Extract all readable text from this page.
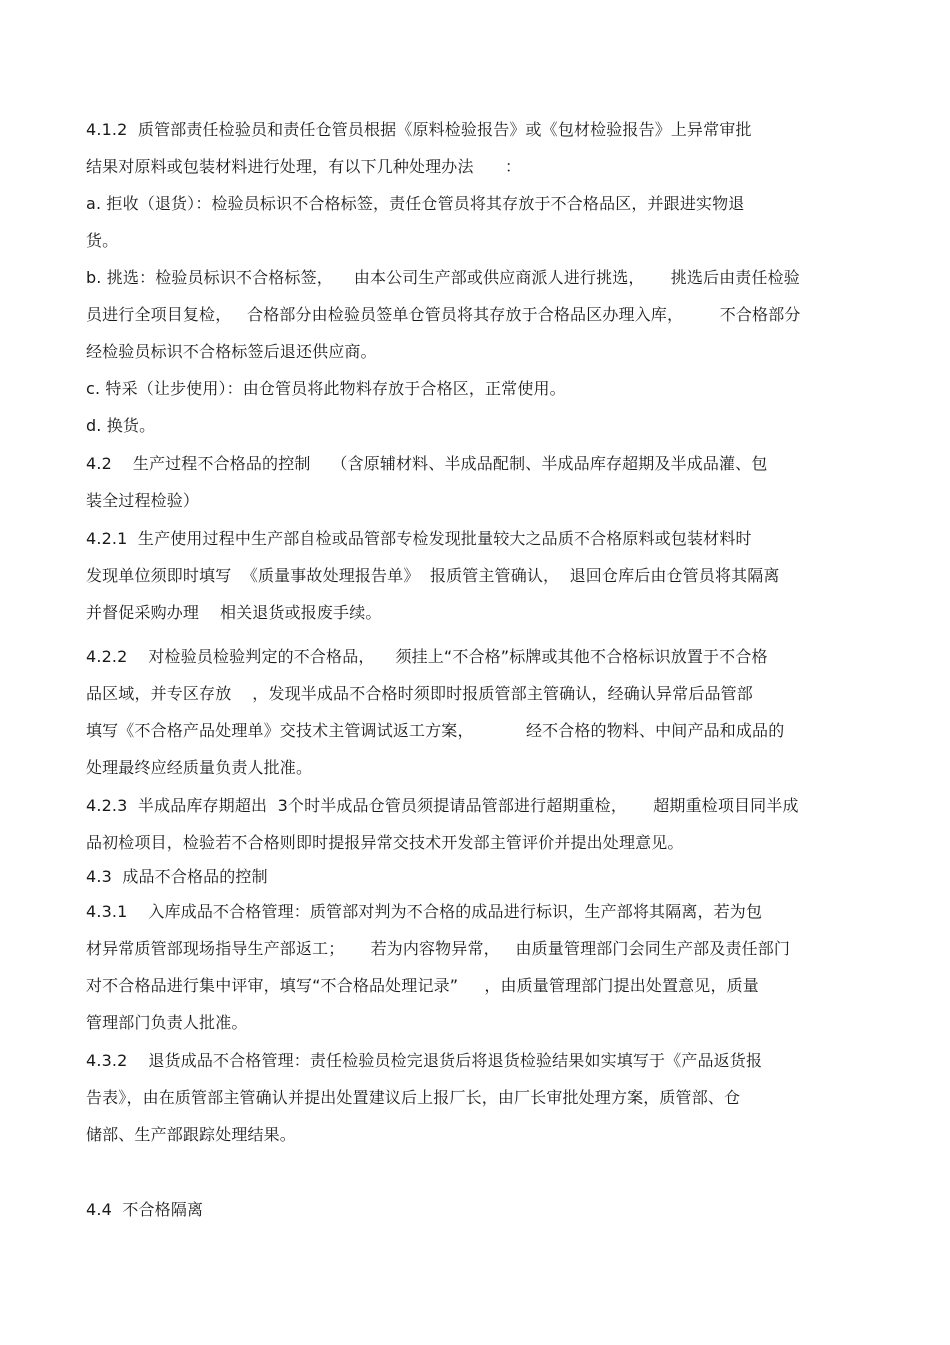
4.1.2  质管部责任检验员和责任仓管员根据《原料检验报告》或《包材检验报告》上异常审批
结果对原料或包装材料进行处理，有以下几种处理办法      ：
a. 拒收（退货）：检验员标识不合格标签，责任仓管员将其存放于不合格品区，并跟进实物退
货。
b. 挑选：检验员标识不合格标签，    由本公司生产部或供应商派人进行挑选，     挑选后由责任检验
员进行全项目复检，   合格部分由检验员签单仓管员将其存放于合格品区办理入库，       不合格部分
经检验员标识不合格标签后退还供应商。
c. 特采（让步使用）：由仓管员将此物料存放于合格区，正常使用。
d. 换货。
4.2    生产过程不合格品的控制    （含原辅材料、半成品配制、半成品库存超期及半成品灌、包
装全过程检验）
4.2.1  生产使用过程中生产部自检或品管部专检发现批量较大之品质不合格原料或包装材料时
发现单位须即时填写  《质量事故处理报告单》  报质管主管确认，  退回仓库后由仓管员将其隔离
并督促采购办理    相关退货或报废手续。
4.2.2    对检验员检验判定的不合格品，    须挂上“不合格”标牌或其他不合格标识放置于不合格
品区域，并专区存放    ，发现半成品不合格时须即时报质管部主管确认，经确认异常后品管部
填写《不合格产品处理单》交技术主管调试返工方案，          经不合格的物料、中间产品和成品的
处理最终应经质量负责人批准。
4.2.3  半成品库存期超出  3个时半成品仓管员须提请品管部进行超期重检，     超期重检项目同半成
品初检项目，检验若不合格则即时提报异常交技术开发部主管评价并提出处理意见。
4.3  成品不合格品的控制
4.3.1    入库成品不合格管理：质管部对判为不合格的成品进行标识，生产部将其隔离，若为包
材异常质管部现场指导生产部返工；     若为内容物异常，   由质量管理部门会同生产部及责任部门
对不合格品进行集中评审，填写“不合格品处理记录”     ，由质量管理部门提出处置意见，质量
管理部门负责人批准。
4.3.2    退货成品不合格管理：责任检验员检完退货后将退货检验结果如实填写于《产品返货报
告表》，由在质管部主管确认并提出处置建议后上报厂长，由厂长审批处理方案，质管部、仓
储部、生产部跟踪处理结果。
4.4  不合格隔离
